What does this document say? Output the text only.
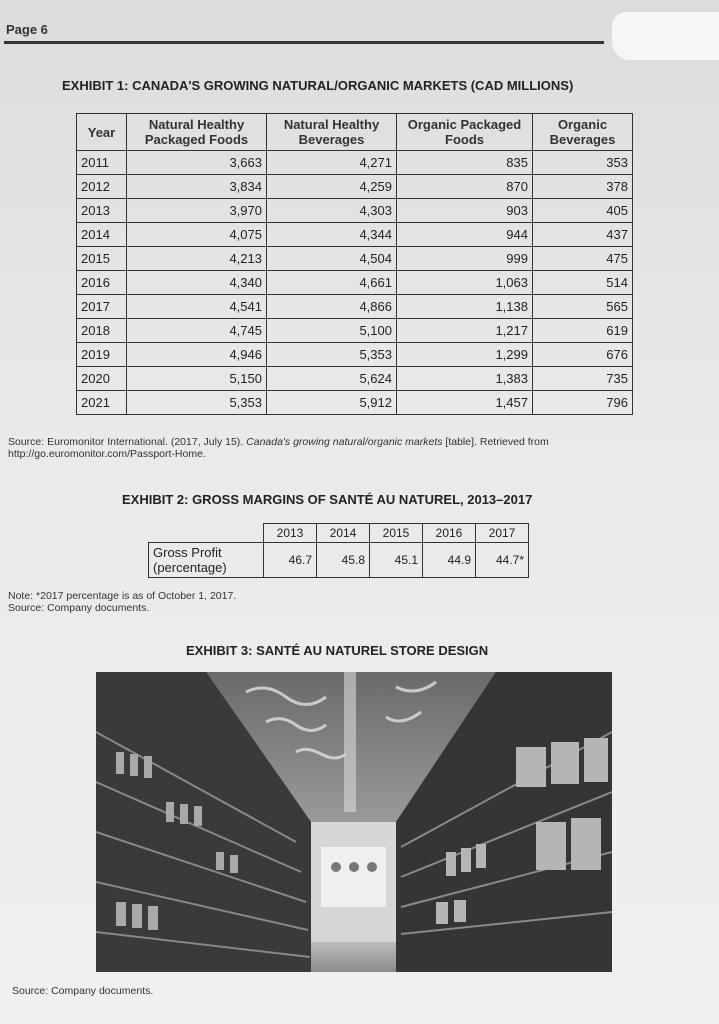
Page 6
EXHIBIT 1: CANADA'S GROWING NATURAL/ORGANIC MARKETS (CAD MILLIONS)
Year	Natural Healthy Packaged Foods	Natural Healthy Beverages	Organic Packaged Foods	Organic Beverages
2011	3,663	4,271	835	353
2012	3,834	4,259	870	378
2013	3,970	4,303	903	405
2014	4,075	4,344	944	437
2015	4,213	4,504	999	475
2016	4,340	4,661	1,063	514
2017	4,541	4,866	1,138	565
2018	4,745	5,100	1,217	619
2019	4,946	5,353	1,299	676
2020	5,150	5,624	1,383	735
2021	5,353	5,912	1,457	796
Source: Euromonitor International. (2017, July 15). Canada's growing natural/organic markets [table]. Retrieved from http://go.euromonitor.com/Passport-Home.
EXHIBIT 2: GROSS MARGINS OF SANTÉ AU NATUREL, 2013–2017
	2013	2014	2015	2016	2017
Gross Profit (percentage)	46.7	45.8	45.1	44.9	44.7*
Note: *2017 percentage is as of October 1, 2017.
Source: Company documents.
EXHIBIT 3: SANTÉ AU NATUREL STORE DESIGN
Source: Company documents.
